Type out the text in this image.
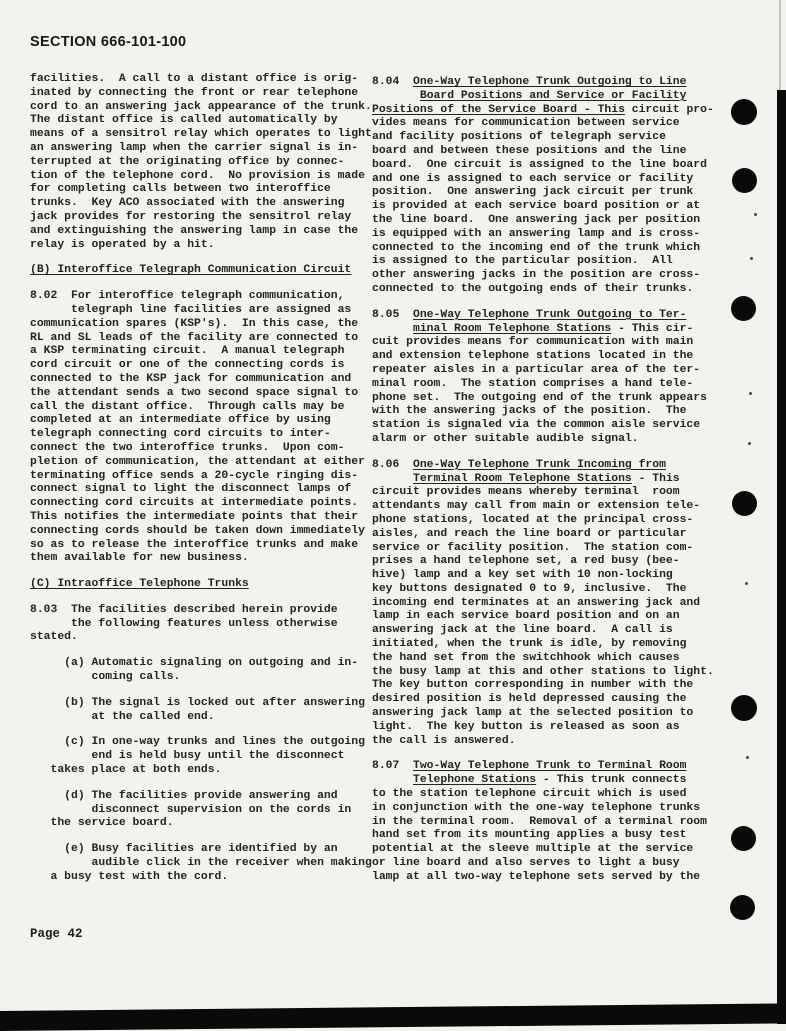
SECTION 666-101-100
facilities.  A call to a distant office is orig-
inated by connecting the front or rear telephone
cord to an answering jack appearance of the trunk.
The distant office is called automatically by
means of a sensitrol relay which operates to light
an answering lamp when the carrier signal is in-
terrupted at the originating office by connec-
tion of the telephone cord.  No provision is made
for completing calls between two interoffice
trunks.  Key ACO associated with the answering
jack provides for restoring the sensitrol relay
and extinguishing the answering lamp in case the
relay is operated by a hit.
(B) Interoffice Telegraph Communication Circuit
8.02  For interoffice telegraph communication,
telegraph line facilities are assigned as
communication spares (KSP's).  In this case, the
RL and SL leads of the facility are connected to
a KSP terminating circuit.  A manual telegraph
cord circuit or one of the connecting cords is
connected to the KSP jack for communication and
the attendant sends a two second space signal to
call the distant office.  Through calls may be
completed at an intermediate office by using
telegraph connecting cord circuits to inter-
connect the two interoffice trunks.  Upon com-
pletion of communication, the attendant at either
terminating office sends a 20-cycle ringing dis-
connect signal to light the disconnect lamps of
connecting cord circuits at intermediate points.
This notifies the intermediate points that their
connecting cords should be taken down immediately
so as to release the interoffice trunks and make
them available for new business.
(C) Intraoffice Telephone Trunks
8.03  The facilities described herein provide
the following features unless otherwise
stated.
(a) Automatic signaling on outgoing and in-
coming calls.
(b) The signal is locked out after answering
at the called end.
(c) In one-way trunks and lines the outgoing
end is held busy until the disconnect
takes place at both ends.
(d) The facilities provide answering and
disconnect supervision on the cords in
the service board.
(e) Busy facilities are identified by an
audible click in the receiver when making
a busy test with the cord.
8.04  One-Way Telephone Trunk Outgoing to Line
Board Positions and Service or Facility
Positions of the Service Board - This circuit pro-
vides means for communication between service
and facility positions of telegraph service
board and between these positions and the line
board.  One circuit is assigned to the line board
and one is assigned to each service or facility
position.  One answering jack circuit per trunk
is provided at each service board position or at
the line board.  One answering jack per position
is equipped with an answering lamp and is cross-
connected to the incoming end of the trunk which
is assigned to the particular position.  All
other answering jacks in the position are cross-
connected to the outgoing ends of their trunks.
8.05  One-Way Telephone Trunk Outgoing to Ter-
minal Room Telephone Stations - This cir-
cuit provides means for communication with main
and extension telephone stations located in the
repeater aisles in a particular area of the ter-
minal room.  The station comprises a hand tele-
phone set.  The outgoing end of the trunk appears
with the answering jacks of the position.  The
station is signaled via the common aisle service
alarm or other suitable audible signal.
8.06  One-Way Telephone Trunk Incoming from
Terminal Room Telephone Stations - This
circuit provides means whereby terminal  room
attendants may call from main or extension tele-
phone stations, located at the principal cross-
aisles, and reach the line board or particular
service or facility position.  The station com-
prises a hand telephone set, a red busy (bee-
hive) lamp and a key set with 10 non-locking
key buttons designated 0 to 9, inclusive.  The
incoming end terminates at an answering jack and
lamp in each service board position and on an
answering jack at the line board.  A call is
initiated, when the trunk is idle, by removing
the hand set from the switchhook which causes
the busy lamp at this and other stations to light.
The key button corresponding in number with the
desired position is held depressed causing the
answering jack lamp at the selected position to
light.  The key button is released as soon as
the call is answered.
8.07  Two-Way Telephone Trunk to Terminal Room
Telephone Stations - This trunk connects
to the station telephone circuit which is used
in conjunction with the one-way telephone trunks
in the terminal room.  Removal of a terminal room
hand set from its mounting applies a busy test
potential at the sleeve multiple at the service
or line board and also serves to light a busy
lamp at all two-way telephone sets served by the
Page 42
